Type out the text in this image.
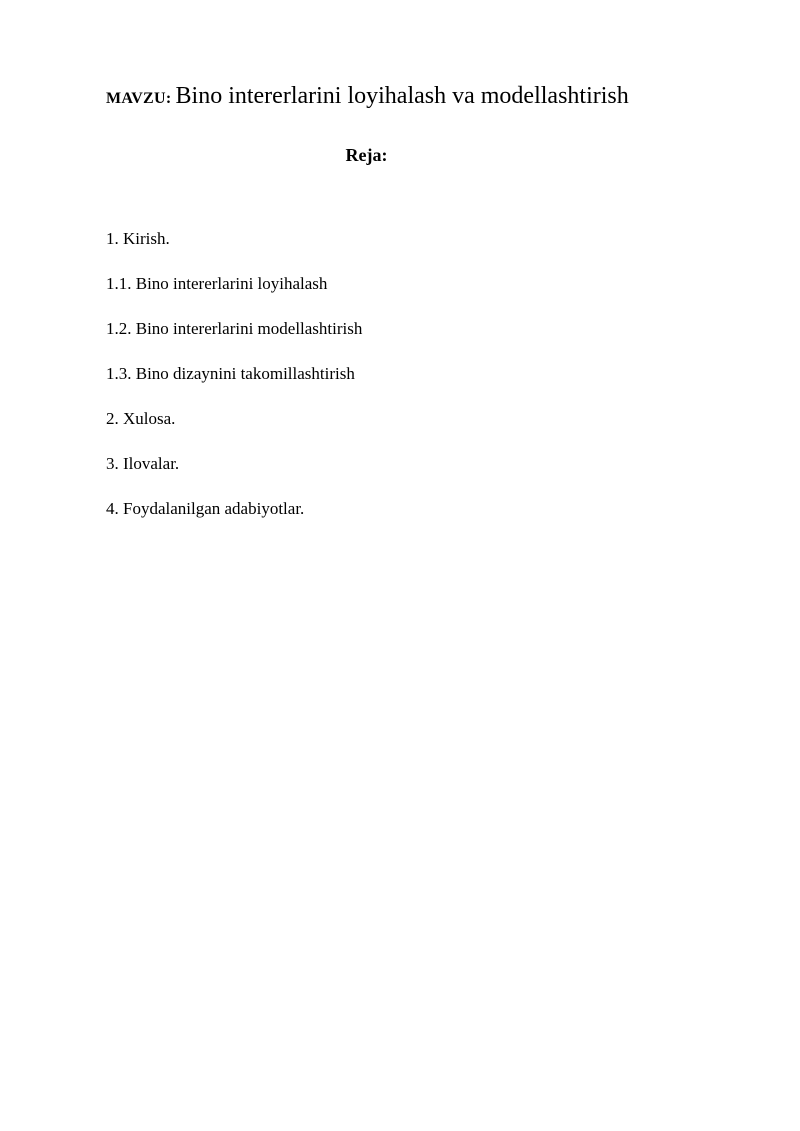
MAVZU: Bino intererlarini loyihalash va modellashtirish
Reja:
1. Kirish.
1.1. Bino intererlarini loyihalash
1.2. Bino intererlarini modellashtirish
1.3. Bino dizaynini takomillashtirish
2. Xulosa.
3. Ilovalar.
4. Foydalanilgan adabiyotlar.
